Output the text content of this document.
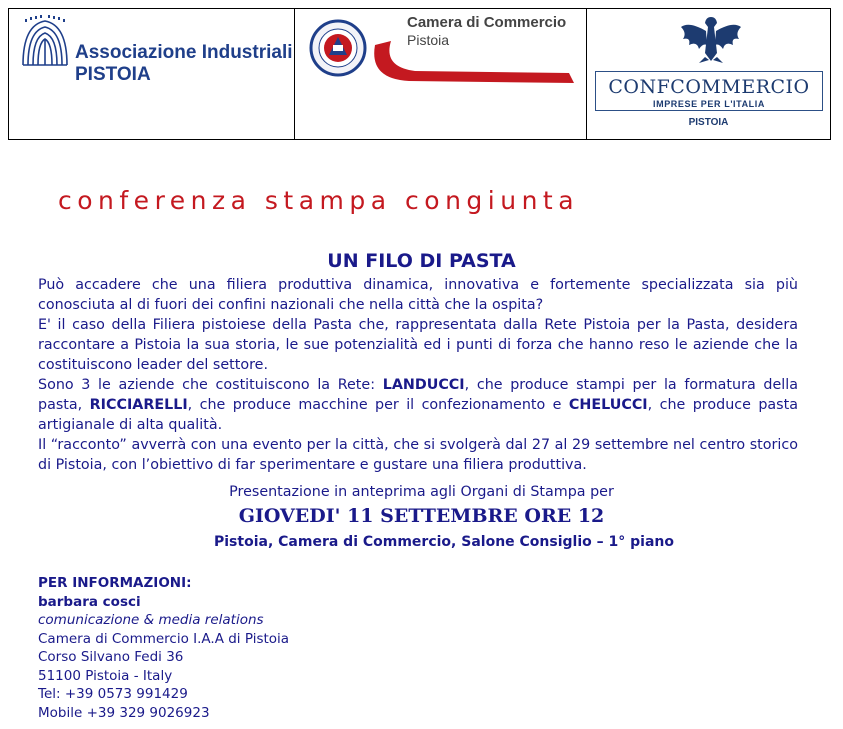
Associazione Industriali
PISTOIA
Camera di Commercio
Pistoia
CONFCOMMERCIO
IMPRESE PER L'ITALIA
PISTOIA
conferenza stampa congiunta
UN FILO DI PASTA

Può accadere che una filiera produttiva dinamica, innovativa e fortemente specializzata sia più conosciuta al di fuori dei confini nazionali che nella città che la ospita?

E' il caso della Filiera pistoiese della Pasta che, rappresentata dalla Rete Pistoia per la Pasta, desidera raccontare a Pistoia la sua storia, le sue potenzialità ed i punti di forza che hanno reso le aziende che la costituiscono leader del settore.

Sono 3 le aziende che costituiscono la Rete: LANDUCCI, che produce stampi per la formatura della pasta, RICCIARELLI, che produce macchine per il confezionamento e CHELUCCI, che produce pasta artigianale di alta qualità.

Il “racconto” avverrà con una evento per la città, che si svolgerà dal 27 al 29 settembre nel centro storico di Pistoia, con l’obiettivo di far sperimentare e gustare una filiera produttiva.

Presentazione in anteprima agli Organi di Stampa per
GIOVEDI' 11 SETTEMBRE ORE 12
Pistoia, Camera di Commercio, Salone Consiglio – 1° piano
PER INFORMAZIONI:
barbara cosci
comunicazione & media relations
Camera di Commercio I.A.A di Pistoia
Corso Silvano Fedi 36
51100 Pistoia - Italy
Tel: +39 0573 991429
Mobile +39 329 9026923
